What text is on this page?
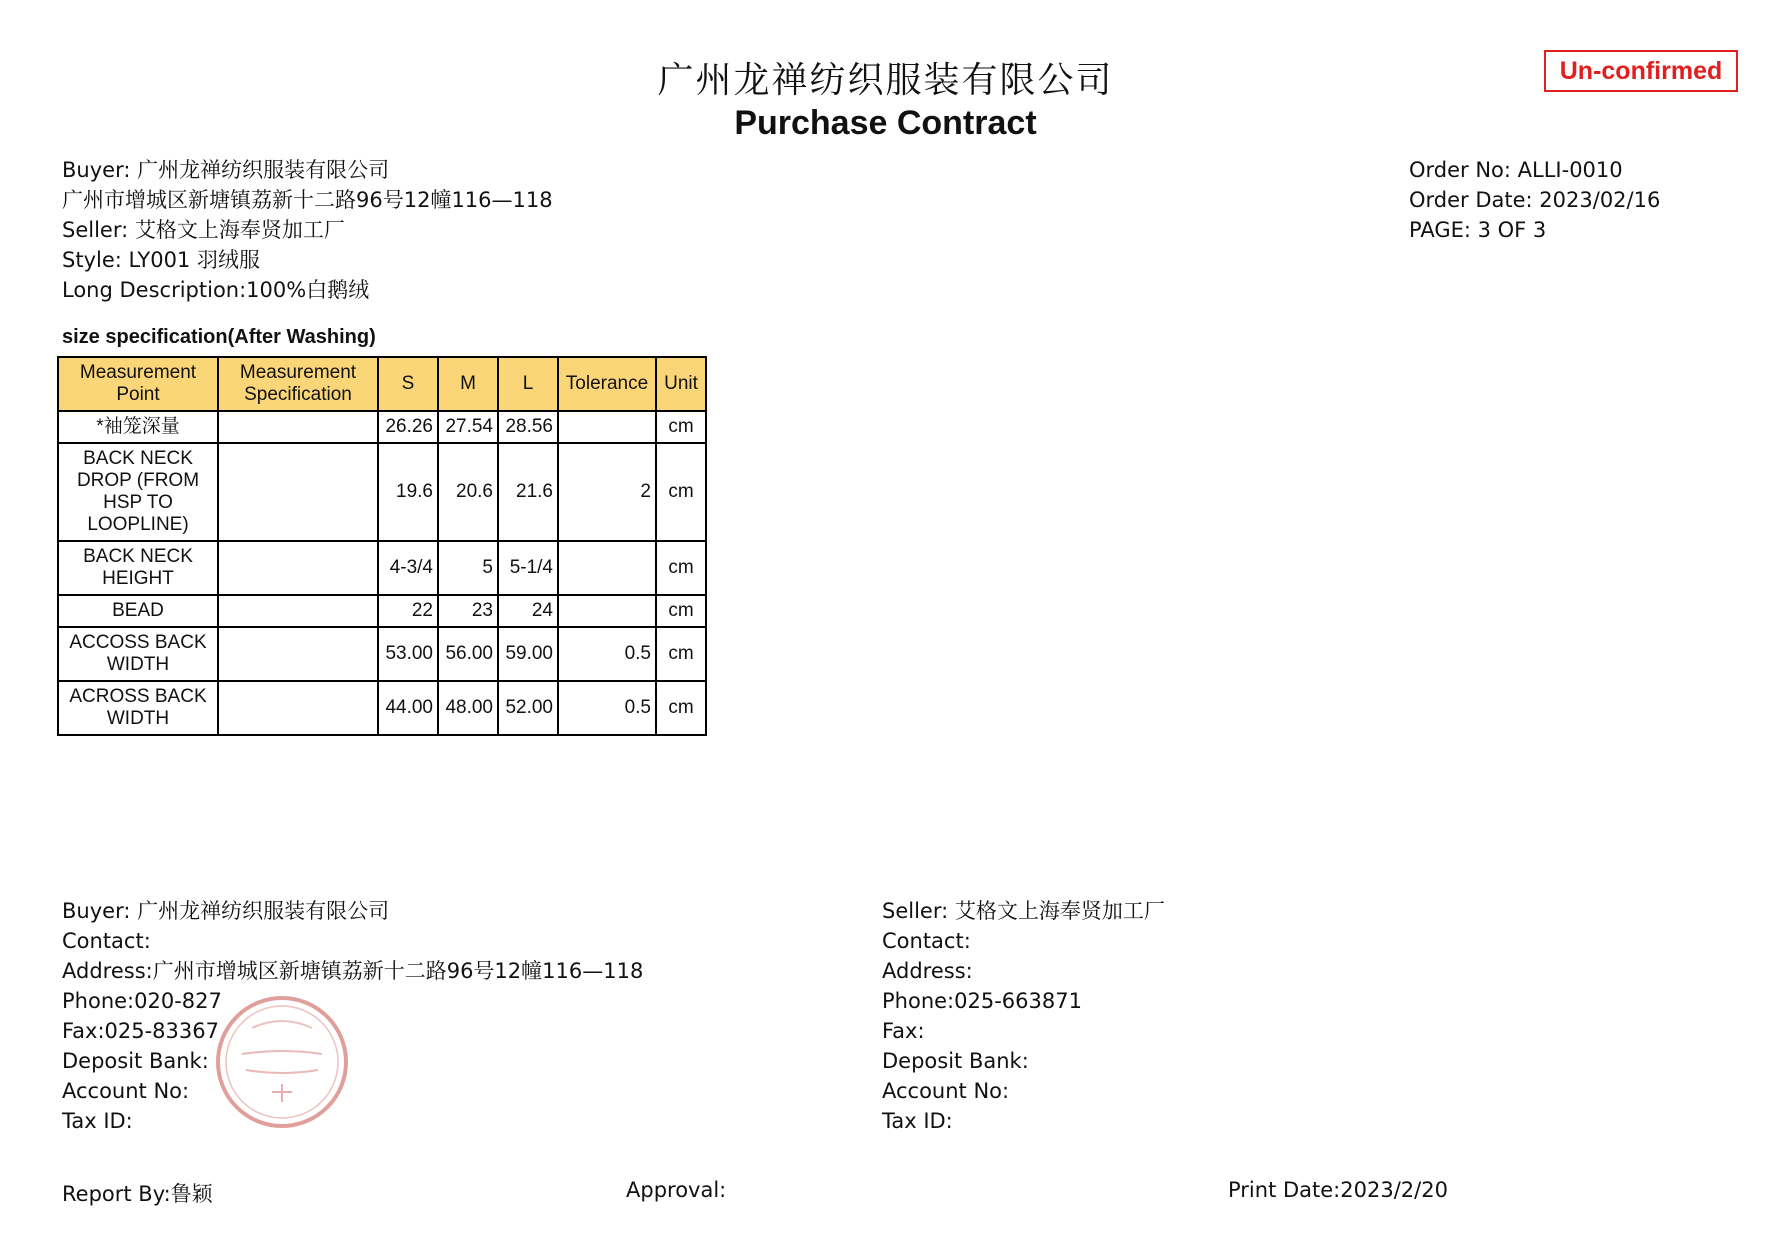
广州龙禅纺织服装有限公司
Purchase Contract
Un-confirmed
Buyer: 广州龙禅纺织服装有限公司
广州市增城区新塘镇荔新十二路96号12幢116—118
Seller: 艾格文上海奉贤加工厂
Style: LY001 羽绒服
Long Description:100%白鹅绒
Order No: ALLI-0010
Order Date: 2023/02/16
PAGE: 3 OF 3
size specification(After Washing)
Measurement Point	Measurement Specification	S	M	L	Tolerance	Unit
*袖笼深量		26.26	27.54	28.56		cm
BACK NECK DROP (FROM HSP TO LOOPLINE)		19.6	20.6	21.6	2	cm
BACK NECK HEIGHT		4-3/4	5	5-1/4		cm
BEAD		22	23	24		cm
ACCOSS BACK WIDTH		53.00	56.00	59.00	0.5	cm
ACROSS BACK WIDTH		44.00	48.00	52.00	0.5	cm
Buyer: 广州龙禅纺织服装有限公司
Contact:
Address:广州市增城区新塘镇荔新十二路96号12幢116—118
Phone:020-827
Fax:025-83367
Deposit Bank:
Account No:
Tax ID:
Seller: 艾格文上海奉贤加工厂
Contact:
Address:
Phone:025-663871
Fax:
Deposit Bank:
Account No:
Tax ID:
Report By:鲁颖	Approval:	Print Date:2023/2/20
